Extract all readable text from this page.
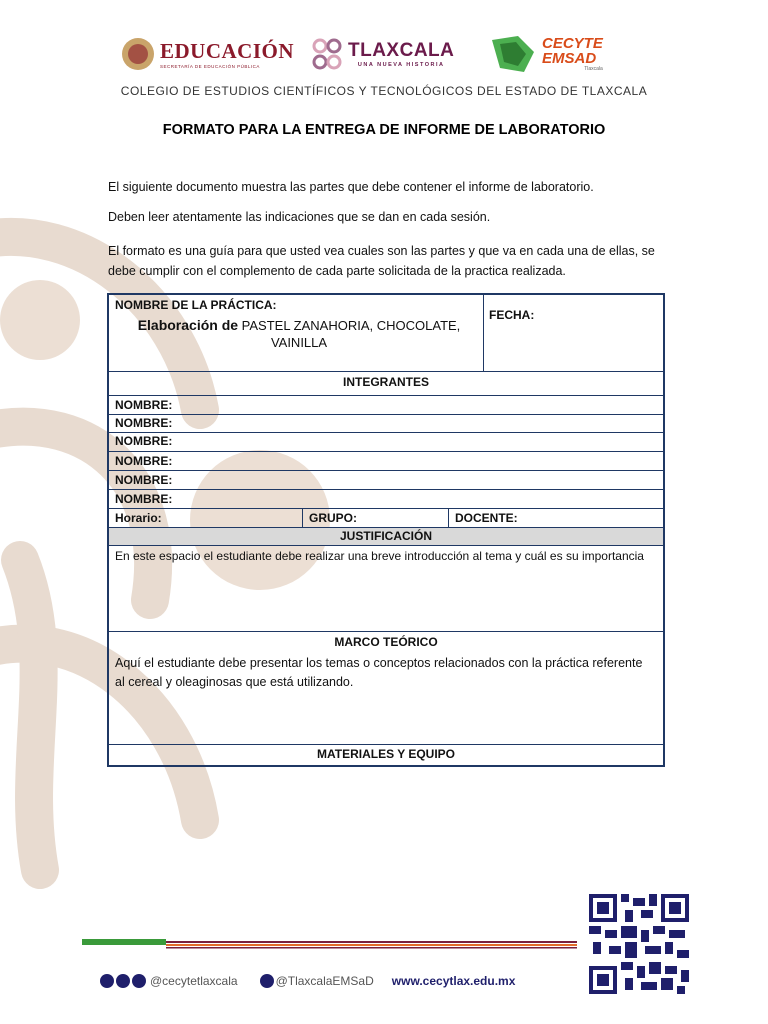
EDUCACIÓN
SECRETARÍA DE EDUCACIÓN PÚBLICA
TLAXCALA
UNA NUEVA HISTORIA
CECYTE
EMSAD
Tlaxcala
COLEGIO DE ESTUDIOS CIENTÍFICOS Y TECNOLÓGICOS DEL ESTADO DE TLAXCALA
FORMATO PARA LA ENTREGA DE INFORME DE LABORATORIO
El siguiente documento muestra las partes que debe contener el informe de laboratorio.
Deben leer atentamente las indicaciones que se dan en cada sesión.
El formato es una guía para que usted vea cuales son las partes y que va en cada una de ellas, se debe cumplir con el complemento de cada parte solicitada de la practica realizada.
NOMBRE DE LA PRÁCTICA:
Elaboración de PASTEL ZANAHORIA, CHOCOLATE, VAINILLA
FECHA:
INTEGRANTES
NOMBRE:
NOMBRE:
NOMBRE:
NOMBRE:
NOMBRE:
NOMBRE:
Horario:	GRUPO:	DOCENTE:
JUSTIFICACIÓN
En este espacio el estudiante debe realizar una breve introducción al tema y cuál es su importancia
MARCO TEÓRICO
Aquí el estudiante debe presentar los temas o conceptos relacionados con la práctica referente al cereal y oleaginosas que está utilizando.
MATERIALES Y EQUIPO
@cecytetlaxcala	@TlaxcalaEMSaD www.cecytlax.edu.mx
